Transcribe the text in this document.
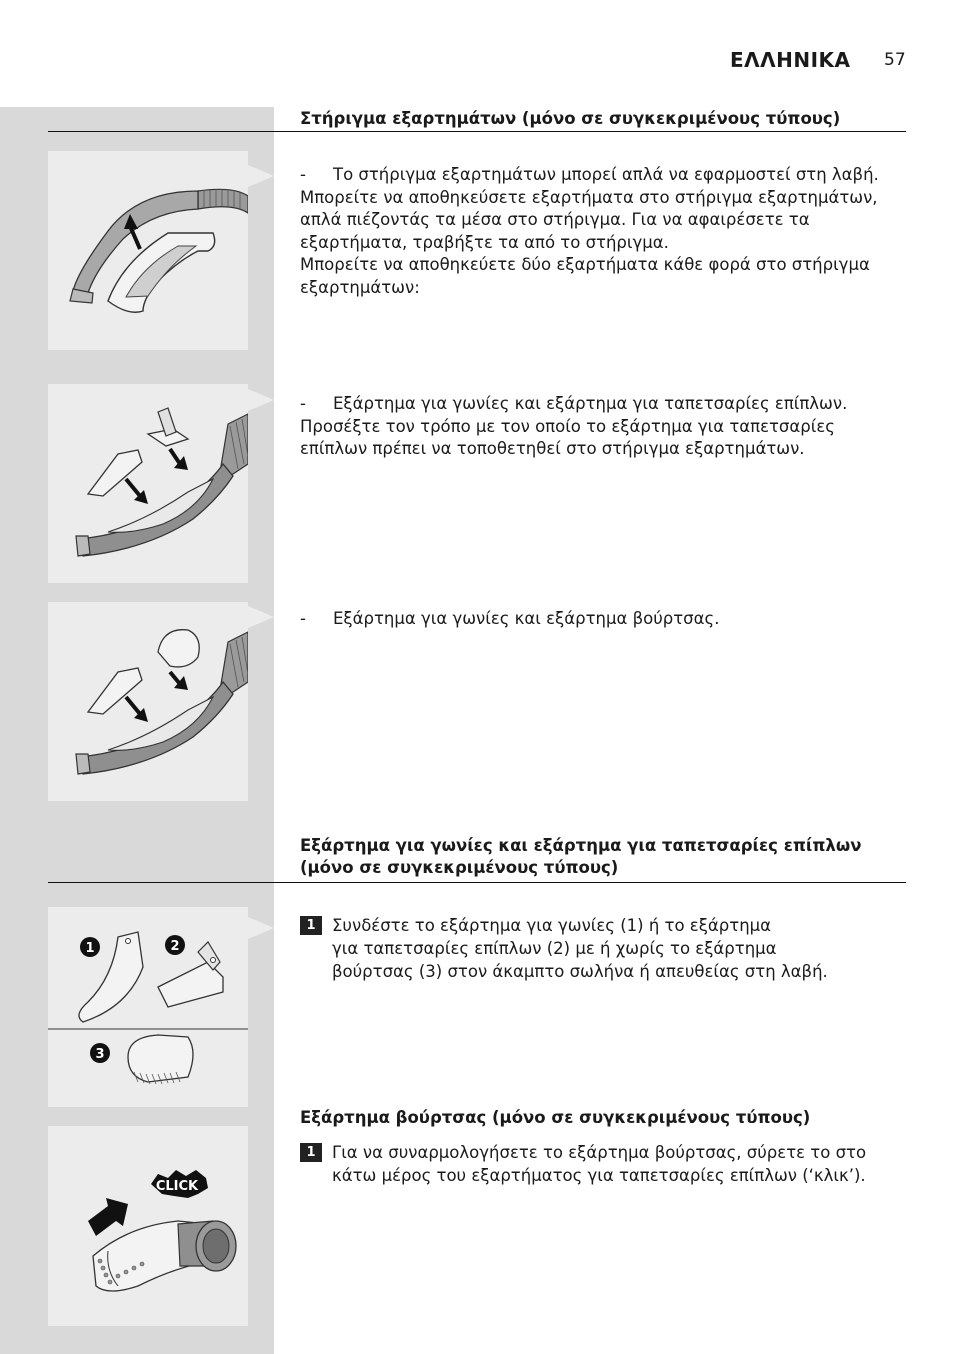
ΕΛΛΗΝΙΚΑ 57
Στήριγμα εξαρτημάτων (μόνο σε συγκεκριμένους τύπους)
- Το στήριγμα εξαρτημάτων μπορεί απλά να εφαρμοστεί στη λαβή.
Μπορείτε να αποθηκεύσετε εξαρτήματα στο στήριγμα εξαρτημάτων,
απλά πιέζοντάς τα μέσα στο στήριγμα. Για να αφαιρέσετε τα
εξαρτήματα, τραβήξτε τα από το στήριγμα.
Μπορείτε να αποθηκεύετε δύο εξαρτήματα κάθε φορά στο στήριγμα
εξαρτημάτων:
- Εξάρτημα για γωνίες και εξάρτημα για ταπετσαρίες επίπλων.
Προσέξτε τον τρόπο με τον οποίο το εξάρτημα για ταπετσαρίες
επίπλων πρέπει να τοποθετηθεί στο στήριγμα εξαρτημάτων.
- Εξάρτημα για γωνίες και εξάρτημα βούρτσας.
Εξάρτημα για γωνίες και εξάρτημα για ταπετσαρίες επίπλων
(μόνο σε συγκεκριμένους τύπους)
1	2
3
1 Συνδέστε το εξάρτημα για γωνίες (1) ή το εξάρτημα
για ταπετσαρίες επίπλων (2) με ή χωρίς το εξάρτημα
βούρτσας (3) στον άκαμπτο σωλήνα ή απευθείας στη λαβή.
Εξάρτημα βούρτσας (μόνο σε συγκεκριμένους τύπους)
CLICK
1 Για να συναρμολογήσετε το εξάρτημα βούρτσας, σύρετε το στο
κάτω μέρος του εξαρτήματος για ταπετσαρίες επίπλων (‘κλικ’).
